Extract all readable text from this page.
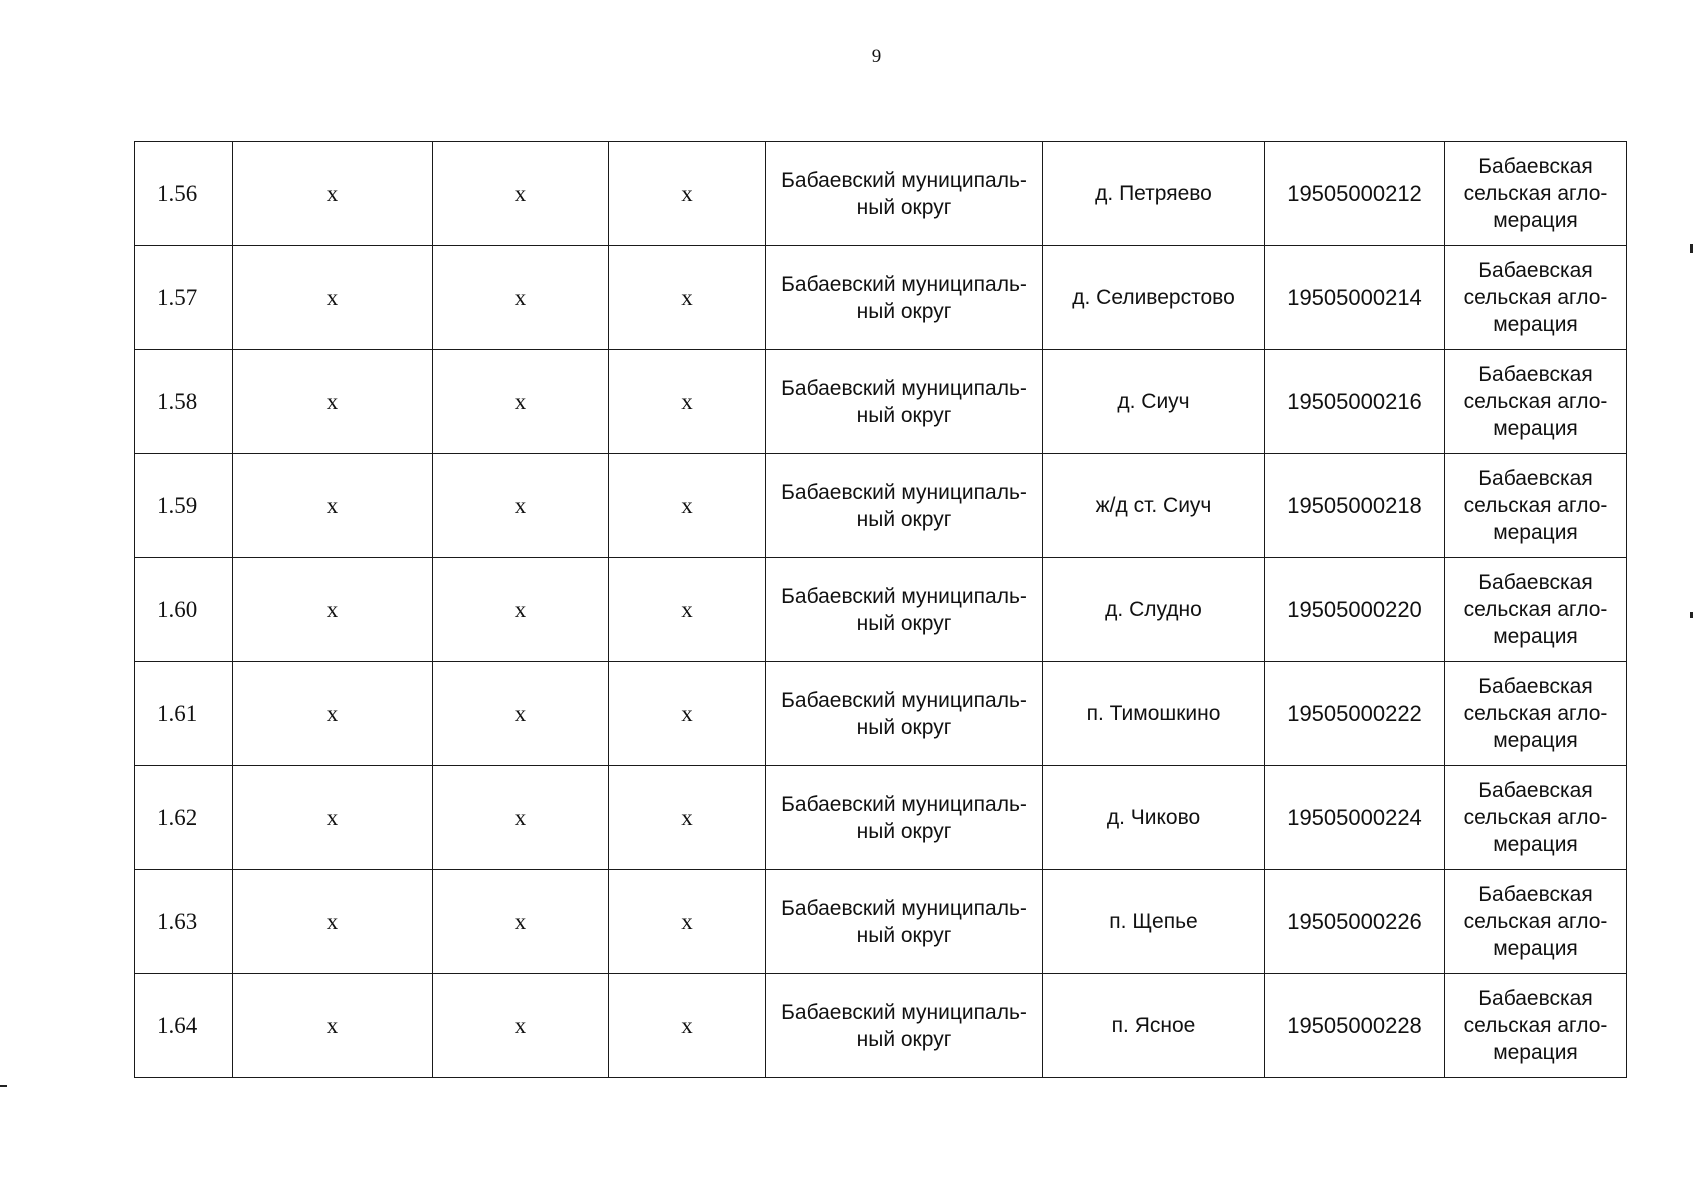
9
1.56	x	x	x	Бабаевский муниципаль-ный округ	д. Петряево	19505000212	Бабаевская сельская агло-мерация
1.57	x	x	x	Бабаевский муниципаль-ный округ	д. Селиверстово	19505000214	Бабаевская сельская агло-мерация
1.58	x	x	x	Бабаевский муниципаль-ный округ	д. Сиуч	19505000216	Бабаевская сельская агло-мерация
1.59	x	x	x	Бабаевский муниципаль-ный округ	ж/д ст. Сиуч	19505000218	Бабаевская сельская агло-мерация
1.60	x	x	x	Бабаевский муниципаль-ный округ	д. Слудно	19505000220	Бабаевская сельская агло-мерация
1.61	x	x	x	Бабаевский муниципаль-ный округ	п. Тимошкино	19505000222	Бабаевская сельская агло-мерация
1.62	x	x	x	Бабаевский муниципаль-ный округ	д. Чиково	19505000224	Бабаевская сельская агло-мерация
1.63	x	x	x	Бабаевский муниципаль-ный округ	п. Щепье	19505000226	Бабаевская сельская агло-мерация
1.64	x	x	x	Бабаевский муниципаль-ный округ	п. Ясное	19505000228	Бабаевская сельская агло-мерация
